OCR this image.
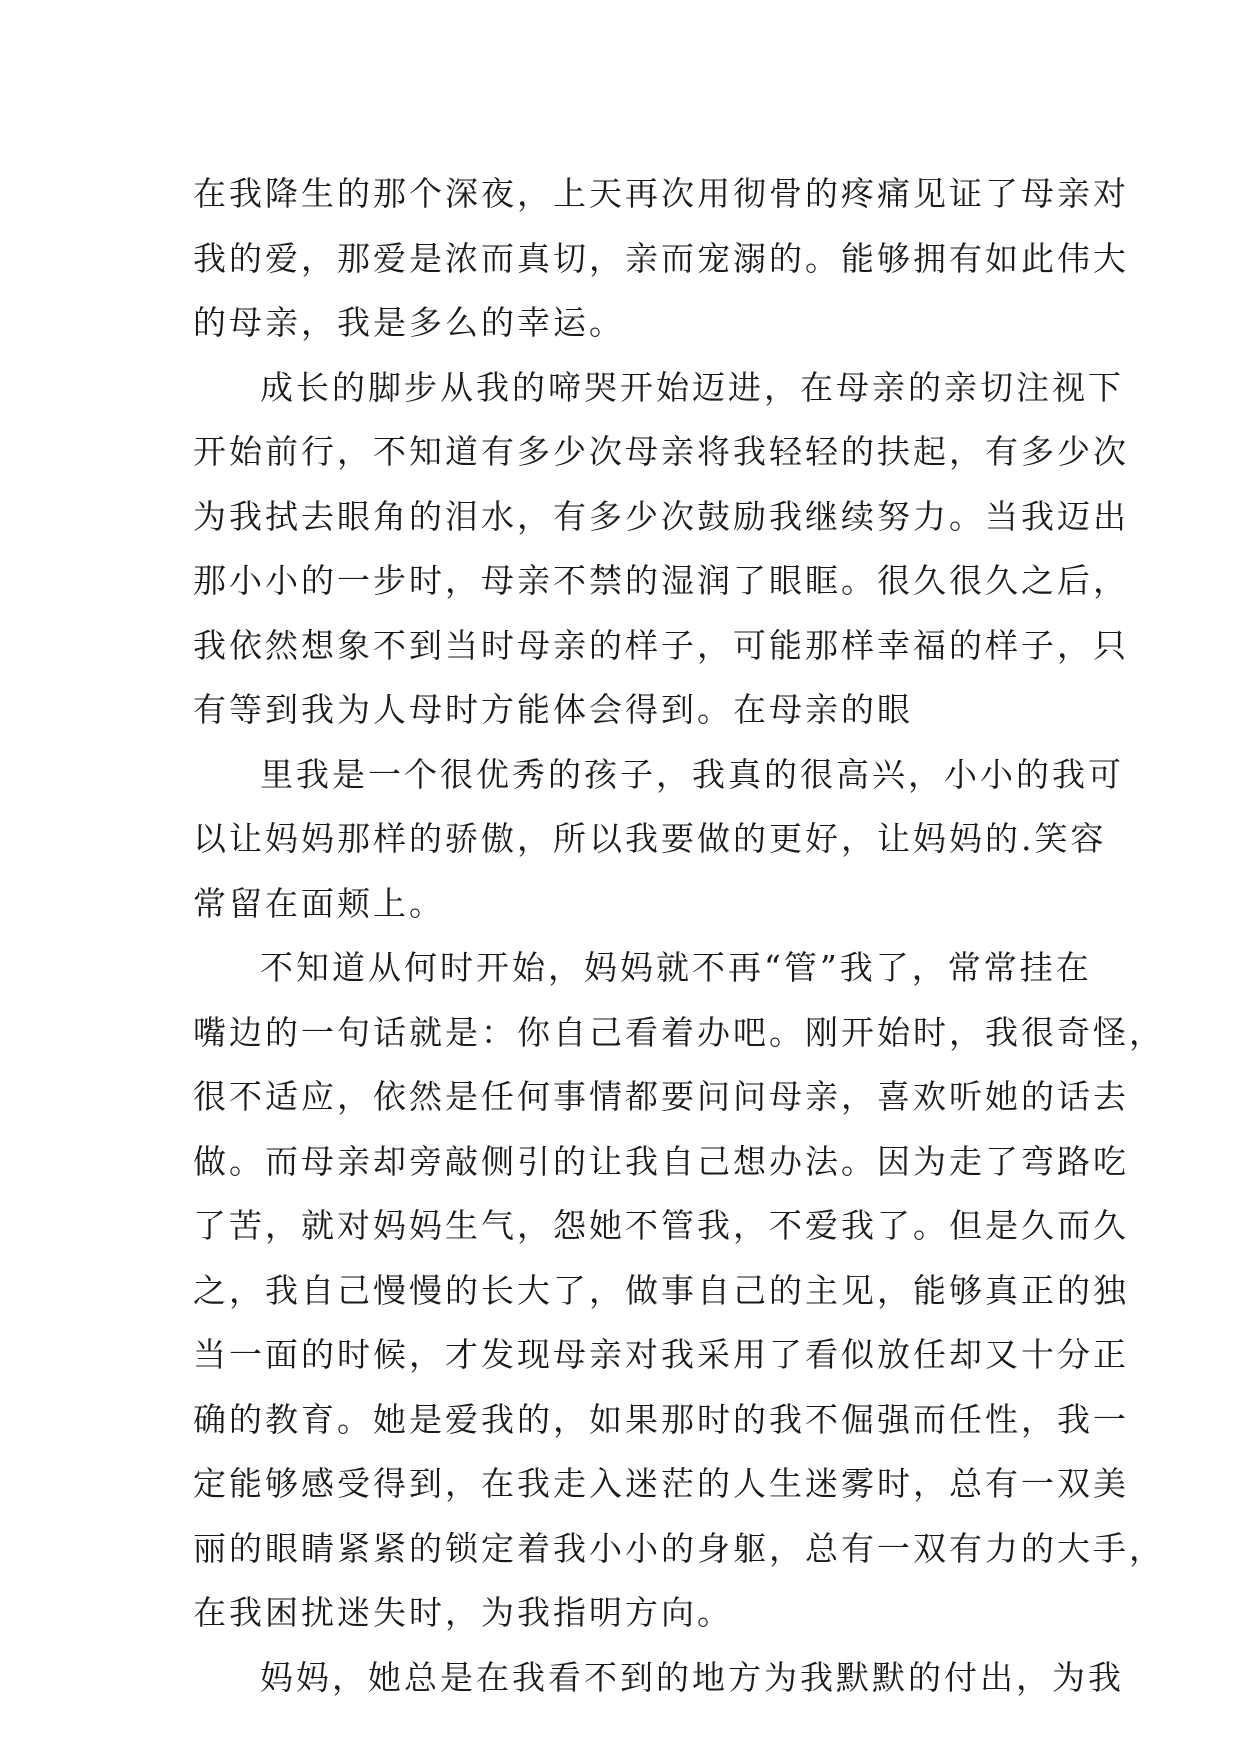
在我降生的那个深夜，上天再次用彻骨的疼痛见证了母亲对
我的爱，那爱是浓而真切，亲而宠溺的。能够拥有如此伟大
的母亲，我是多么的幸运。
成长的脚步从我的啼哭开始迈进，在母亲的亲切注视下
开始前行，不知道有多少次母亲将我轻轻的扶起，有多少次
为我拭去眼角的泪水，有多少次鼓励我继续努力。当我迈出
那小小的一步时，母亲不禁的湿润了眼眶。很久很久之后，
我依然想象不到当时母亲的样子，可能那样幸福的样子，只
有等到我为人母时方能体会得到。在母亲的眼
里我是一个很优秀的孩子，我真的很高兴，小小的我可
以让妈妈那样的骄傲，所以我要做的更好，让妈妈的.笑容
常留在面颊上。
不知道从何时开始，妈妈就不再“管”我了，常常挂在
嘴边的一句话就是：你自己看着办吧。刚开始时，我很奇怪，
很不适应，依然是任何事情都要问问母亲，喜欢听她的话去
做。而母亲却旁敲侧引的让我自己想办法。因为走了弯路吃
了苦，就对妈妈生气，怨她不管我，不爱我了。但是久而久
之，我自己慢慢的长大了，做事自己的主见，能够真正的独
当一面的时候，才发现母亲对我采用了看似放任却又十分正
确的教育。她是爱我的，如果那时的我不倔强而任性，我一
定能够感受得到，在我走入迷茫的人生迷雾时，总有一双美
丽的眼睛紧紧的锁定着我小小的身躯，总有一双有力的大手，
在我困扰迷失时，为我指明方向。
妈妈，她总是在我看不到的地方为我默默的付出，为我
